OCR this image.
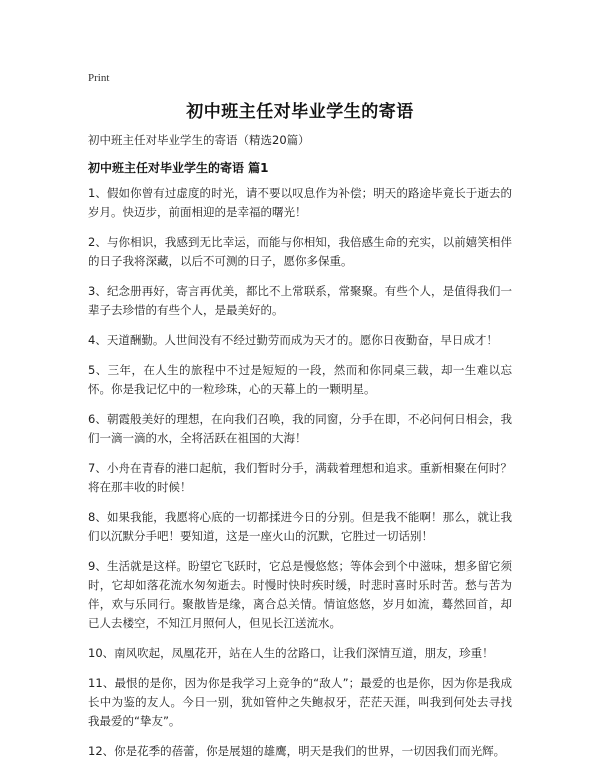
Print
初中班主任对毕业学生的寄语
初中班主任对毕业学生的寄语（精选20篇）
初中班主任对毕业学生的寄语 篇1

1、假如你曾有过虚度的时光，请不要以叹息作为补偿；明天的路途毕竟长于逝去的岁月。快迈步，前面相迎的是幸福的曙光！

2、与你相识，我感到无比幸运，而能与你相知，我倍感生命的充实，以前嬉笑相伴的日子我将深藏，以后不可测的日子，愿你多保重。

3、纪念册再好，寄言再优美，都比不上常联系，常聚聚。有些个人，是值得我们一辈子去珍惜的有些个人，是最美好的。

4、天道酬勤。人世间没有不经过勤劳而成为天才的。愿你日夜勤奋，早日成才！

5、三年，在人生的旅程中不过是短短的一段，然而和你同桌三载，却一生难以忘怀。你是我记忆中的一粒珍珠，心的天幕上的一颗明星。

6、朝霞般美好的理想，在向我们召唤，我的同窗，分手在即，不必问何日相会，我们一滴一滴的水，全将活跃在祖国的大海！

7、小舟在青春的港口起航，我们暂时分手，满载着理想和追求。重新相聚在何时？将在那丰收的时候！

8、如果我能，我愿将心底的一切都揉进今日的分别。但是我不能啊！那么，就让我们以沉默分手吧！要知道，这是一座火山的沉默，它胜过一切话别！

9、生活就是这样。盼望它飞跃时，它总是慢悠悠；等体会到个中滋味，想多留它须时，它却如落花流水匆匆逝去。时慢时快时疾时缓，时悲时喜时乐时苦。愁与苦为伴，欢与乐同行。聚散皆是缘，离合总关情。情谊悠悠，岁月如流，蓦然回首，却已人去楼空，不知江月照何人，但见长江送流水。

10、南风吹起，凤凰花开，站在人生的岔路口，让我们深情互道，朋友，珍重！

11、最恨的是你，因为你是我学习上竞争的“敌人”；最爱的也是你，因为你是我成长中为鉴的友人。今日一别，犹如管仲之失鲍叔牙，茫茫天涯，叫我到何处去寻找我最爱的“挚友”。

12、你是花季的蓓蕾，你是展翅的雄鹰，明天是我们的世界，一切因我们而光辉。
